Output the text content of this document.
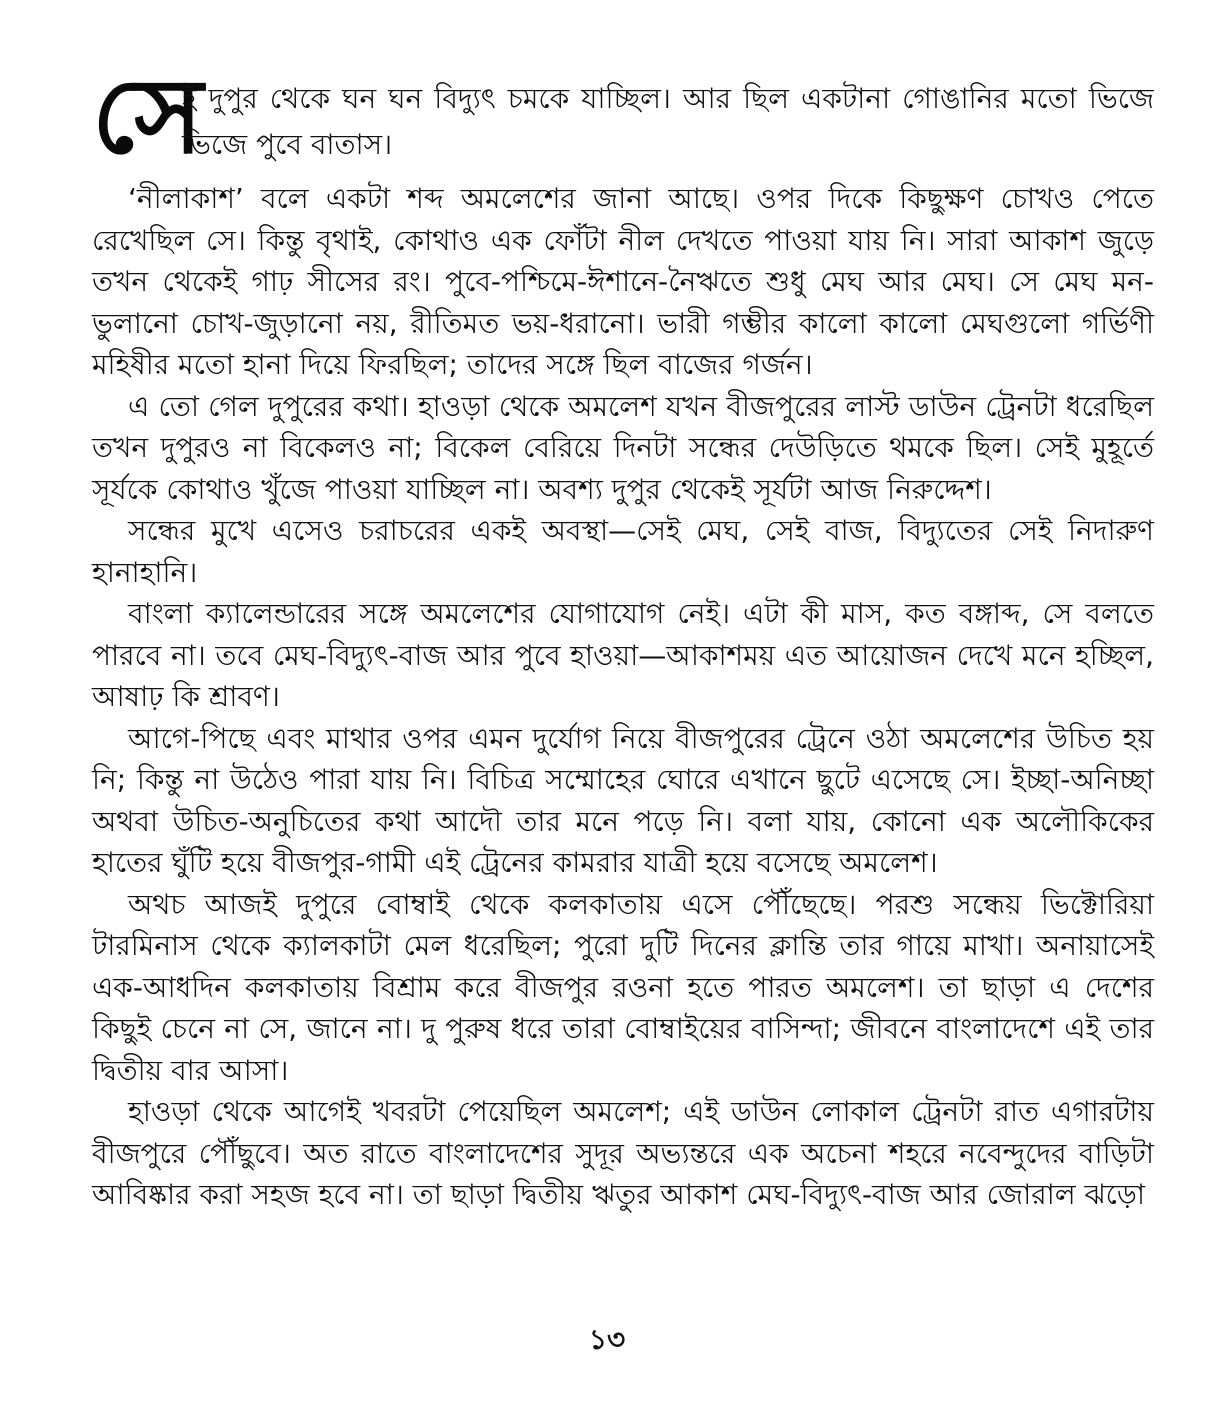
সে
ই দুপুর থেকে ঘন ঘন বিদ্যুৎ চমকে যাচ্ছিল। আর ছিল একটানা গোঙানির মতো ভিজে
ভিজে পুবে বাতাস।

‘নীলাকাশ’ বলে একটা শব্দ অমলেশের জানা আছে। ওপর দিকে কিছুক্ষণ চোখও পেতে রেখেছিল সে। কিন্তু বৃথাই, কোথাও এক ফোঁটা নীল দেখতে পাওয়া যায় নি। সারা আকাশ জুড়ে তখন থেকেই গাঢ় সীসের রং। পুবে-পশ্চিমে-ঈশানে-নৈঋতে শুধু মেঘ আর মেঘ। সে মেঘ মন-ভুলানো চোখ-জুড়ানো নয়, রীতিমত ভয়-ধরানো। ভারী গম্ভীর কালো কালো মেঘগুলো গর্ভিণী মহিষীর মতো হানা দিয়ে ফিরছিল; তাদের সঙ্গে ছিল বাজের গর্জন।

এ তো গেল দুপুরের কথা। হাওড়া থেকে অমলেশ যখন বীজপুরের লাস্ট ডাউন ট্রেনটা ধরেছিল তখন দুপুরও না বিকেলও না; বিকেল বেরিয়ে দিনটা সন্ধের দেউড়িতে থমকে ছিল। সেই মুহূর্তে সূর্যকে কোথাও খুঁজে পাওয়া যাচ্ছিল না। অবশ্য দুপুর থেকেই সূর্যটা আজ নিরুদ্দেশ।

সন্ধের মুখে এসেও চরাচরের একই অবস্থা—সেই মেঘ, সেই বাজ, বিদ্যুতের সেই নিদারুণ হানাহানি।

বাংলা ক্যালেন্ডারের সঙ্গে অমলেশের যোগাযোগ নেই। এটা কী মাস, কত বঙ্গাব্দ, সে বলতে পারবে না। তবে মেঘ-বিদ্যুৎ-বাজ আর পুবে হাওয়া—আকাশময় এত আয়োজন দেখে মনে হচ্ছিল, আষাঢ় কি শ্রাবণ।

আগে-পিছে এবং মাথার ওপর এমন দুর্যোগ নিয়ে বীজপুরের ট্রেনে ওঠা অমলেশের উচিত হয় নি; কিন্তু না উঠেও পারা যায় নি। বিচিত্র সম্মোহের ঘোরে এখানে ছুটে এসেছে সে। ইচ্ছা-অনিচ্ছা অথবা উচিত-অনুচিতের কথা আদৌ তার মনে পড়ে নি। বলা যায়, কোনো এক অলৌকিকের হাতের ঘুঁটি হয়ে বীজপুর-গামী এই ট্রেনের কামরার যাত্রী হয়ে বসেছে অমলেশ।

অথচ আজই দুপুরে বোম্বাই থেকে কলকাতায় এসে পৌঁছেছে। পরশু সন্ধেয় ভিক্টোরিয়া টারমিনাস থেকে ক্যালকাটা মেল ধরেছিল; পুরো দুটি দিনের ক্লান্তি তার গায়ে মাখা। অনায়াসেই এক-আধদিন কলকাতায় বিশ্রাম করে বীজপুর রওনা হতে পারত অমলেশ। তা ছাড়া এ দেশের কিছুই চেনে না সে, জানে না। দু পুরুষ ধরে তারা বোম্বাইয়ের বাসিন্দা; জীবনে বাংলাদেশে এই তার দ্বিতীয় বার আসা।

হাওড়া থেকে আগেই খবরটা পেয়েছিল অমলেশ; এই ডাউন লোকাল ট্রেনটা রাত এগারটায় বীজপুরে পৌঁছুবে। অত রাতে বাংলাদেশের সুদূর অভ্যন্তরে এক অচেনা শহরে নবেন্দুদের বাড়িটা আবিষ্কার করা সহজ হবে না। তা ছাড়া দ্বিতীয় ঋতুর আকাশ মেঘ-বিদ্যুৎ-বাজ আর জোরাল ঝড়ো

১৩
